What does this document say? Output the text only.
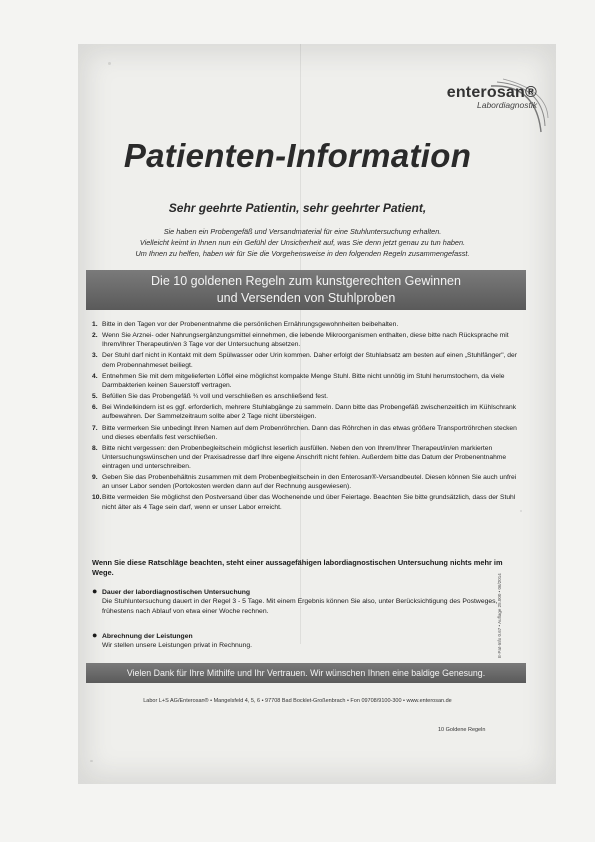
enterosan®
Labordiagnostik
Patienten-Information
Sehr geehrte Patientin, sehr geehrter Patient,
Sie haben ein Probengefäß und Versandmaterial für eine Stuhluntersuchung erhalten.
Vielleicht keimt in Ihnen nun ein Gefühl der Unsicherheit auf, was Sie denn jetzt genau zu tun haben.
Um Ihnen zu helfen, haben wir für Sie die Vorgehensweise in den folgenden Regeln zusammengefasst.
Die 10 goldenen Regeln zum kunstgerechten Gewinnen
und Versenden von Stuhlproben
1. Bitte in den Tagen vor der Probenentnahme die persönlichen Ernährungsgewohnheiten beibehalten.
2. Wenn Sie Arznei- oder Nahrungsergänzungsmittel einnehmen, die lebende Mikroorganismen enthalten, diese bitte nach Rücksprache mit Ihrem/Ihrer Therapeutin/en 3 Tage vor der Untersuchung absetzen.
3. Der Stuhl darf nicht in Kontakt mit dem Spülwasser oder Urin kommen. Daher erfolgt der Stuhlabsatz am besten auf einen „Stuhlfänger", der dem Probennahmeset beiliegt.
4. Entnehmen Sie mit dem mitgelieferten Löffel eine möglichst kompakte Menge Stuhl. Bitte nicht unnötig im Stuhl herumstochern, da viele Darmbakterien keinen Sauerstoff vertragen.
5. Befüllen Sie das Probengefäß ¾ voll und verschließen es anschließend fest.
6. Bei Windelkindern ist es ggf. erforderlich, mehrere Stuhlabgänge zu sammeln. Dann bitte das Probengefäß zwischenzeitlich im Kühlschrank aufbewahren. Der Sammelzeitraum sollte aber 2 Tage nicht übersteigen.
7. Bitte vermerken Sie unbedingt Ihren Namen auf dem Probenröhrchen. Dann das Röhrchen in das etwas größere Transportröhrchen stecken und dieses ebenfalls fest verschließen.
8. Bitte nicht vergessen: den Probenbegleitschein möglichst leserlich ausfüllen. Neben den von Ihrem/Ihrer Therapeut/in/en markierten Untersuchungswünschen und der Praxisadresse darf Ihre eigene Anschrift nicht fehlen. Außerdem bitte das Datum der Probenentnahme eintragen und unterschreiben.
9. Geben Sie das Probenbehältnis zusammen mit dem Probenbegleitschein in den Enterosan®-Versandbeutel. Diesen können Sie auch unfrei an unser Labor senden (Portokosten werden dann auf der Rechnung ausgewiesen).
10. Bitte vermeiden Sie möglichst den Postversand über das Wochenende und über Feiertage. Beachten Sie bitte grundsätzlich, dass der Stuhl nicht älter als 4 Tage sein darf, wenn er unser Labor erreicht.
Wenn Sie diese Ratschläge beachten, steht einer aussagefähigen labordiagnostischen Untersuchung nichts mehr im Wege.
● Dauer der labordiagnostischen Untersuchung
Die Stuhluntersuchung dauert in der Regel 3 - 5 Tage. Mit einem Ergebnis können Sie also, unter Berücksichtigung des Postweges, frühestens nach Ablauf von etwa einer Woche rechnen.
● Abrechnung der Leistungen
Wir stellen unsere Leistungen privat in Rechnung.
Vielen Dank für Ihre Mithilfe und Ihr Vertrauen. Wir wünschen Ihnen eine baldige Genesung.
Labor L+S AG/Enterosan® • Mangelsfeld 4, 5, 6 • 97708 Bad Bocklet-Großenbrach • Fon 09708/9100-300 • www.enterosan.de
E-Pat-Info 0.67 • Auflage 25.000 • 06/2014
10 Goldene Regeln
